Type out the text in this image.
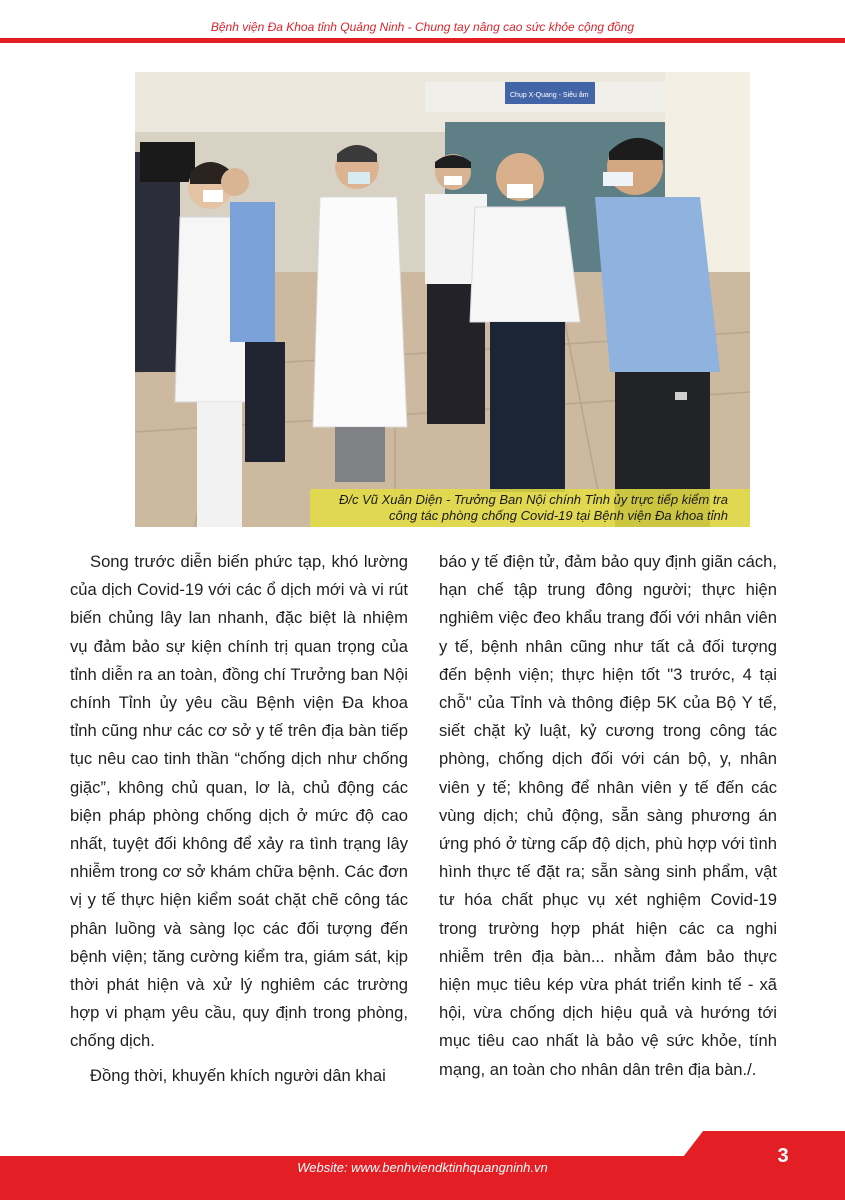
Bệnh viện Đa Khoa tỉnh Quảng Ninh - Chung tay nâng cao sức khỏe cộng đồng
Chụp X-Quang - Siêu âm
Đ/c Vũ Xuân Diện - Trưởng Ban Nội chính Tỉnh ủy trực tiếp kiểm tra
công tác phòng chống Covid-19 tại Bệnh viện Đa khoa tỉnh

Song trước diễn biến phức tạp, khó lường của dịch Covid-19 với các ổ dịch mới và vi rút biến chủng lây lan nhanh, đặc biệt là nhiệm vụ đảm bảo sự kiện chính trị quan trọng của tỉnh diễn ra an toàn, đồng chí Trưởng ban Nội chính Tỉnh ủy yêu cầu Bệnh viện Đa khoa tỉnh cũng như các cơ sở y tế trên địa bàn tiếp tục nêu cao tinh thần “chống dịch như chống giặc”, không chủ quan, lơ là, chủ động các biện pháp phòng chống dịch ở mức độ cao nhất, tuyệt đối không để xảy ra tình trạng lây nhiễm trong cơ sở khám chữa bệnh. Các đơn vị y tế thực hiện kiểm soát chặt chẽ công tác phân luồng và sàng lọc các đối tượng đến bệnh viện; tăng cường kiểm tra, giám sát, kịp thời phát hiện và xử lý nghiêm các trường hợp vi phạm yêu cầu, quy định trong phòng, chống dịch.

Đồng thời, khuyến khích người dân khai

báo y tế điện tử, đảm bảo quy định giãn cách, hạn chế tập trung đông người; thực hiện nghiêm việc đeo khẩu trang đối với nhân viên y tế, bệnh nhân cũng như tất cả đối tượng đến bệnh viện; thực hiện tốt "3 trước, 4 tại chỗ" của Tỉnh và thông điệp 5K của Bộ Y tế, siết chặt kỷ luật, kỷ cương trong công tác phòng, chống dịch đối với cán bộ, y, nhân viên y tế; không để nhân viên y tế đến các vùng dịch; chủ động, sẵn sàng phương án ứng phó ở từng cấp độ dịch, phù hợp với tình hình thực tế đặt ra; sẵn sàng sinh phẩm, vật tư hóa chất phục vụ xét nghiệm Covid-19 trong trường hợp phát hiện các ca nghi nhiễm trên địa bàn... nhằm đảm bảo thực hiện mục tiêu kép vừa phát triển kinh tế - xã hội, vừa chống dịch hiệu quả và hướng tới mục tiêu cao nhất là bảo vệ sức khỏe, tính mạng, an toàn cho nhân dân trên địa bàn./.

Website: www.benhviendktinhquangninh.vn
3
